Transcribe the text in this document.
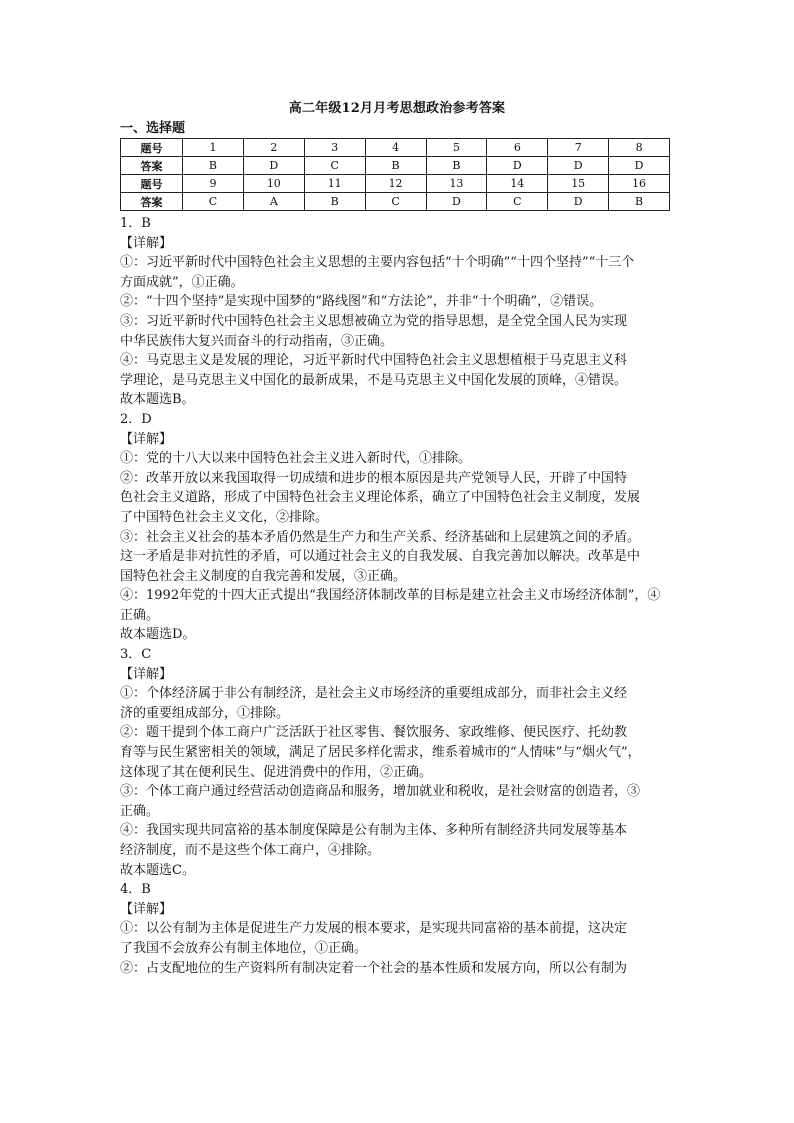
高二年级12月月考思想政治参考答案
一、选择题
题号	1	2	3	4	5	6	7	8
答案	B	D	C	B	B	D	D	D
题号	9	10	11	12	13	14	15	16
答案	C	A	B	C	D	C	D	B

1．B

【详解】

①：习近平新时代中国特色社会主义思想的主要内容包括“十个明确”“十四个坚持”“十三个

方面成就”，①正确。

②：“十四个坚持”是实现中国梦的“路线图”和“方法论”，并非“十个明确”，②错误。

③：习近平新时代中国特色社会主义思想被确立为党的指导思想，是全党全国人民为实现

中华民族伟大复兴而奋斗的行动指南，③正确。

④：马克思主义是发展的理论，习近平新时代中国特色社会主义思想植根于马克思主义科

学理论，是马克思主义中国化的最新成果，不是马克思主义中国化发展的顶峰，④错误。

故本题选B。

2．D

【详解】

①：党的十八大以来中国特色社会主义进入新时代，①排除。

②：改革开放以来我国取得一切成绩和进步的根本原因是共产党领导人民，开辟了中国特

色社会主义道路，形成了中国特色社会主义理论体系，确立了中国特色社会主义制度，发展

了中国特色社会主义文化，②排除。

③：社会主义社会的基本矛盾仍然是生产力和生产关系、经济基础和上层建筑之间的矛盾。

这一矛盾是非对抗性的矛盾，可以通过社会主义的自我发展、自我完善加以解决。改革是中

国特色社会主义制度的自我完善和发展，③正确。

④：1992年党的十四大正式提出“我国经济体制改革的目标是建立社会主义市场经济体制”，④

正确。

故本题选D。

3．C

【详解】

①：个体经济属于非公有制经济，是社会主义市场经济的重要组成部分，而非社会主义经

济的重要组成部分，①排除。

②：题干提到个体工商户广泛活跃于社区零售、餐饮服务、家政维修、便民医疗、托幼教

育等与民生紧密相关的领域，满足了居民多样化需求，维系着城市的“人情味”与“烟火气”，

这体现了其在便利民生、促进消费中的作用，②正确。

③：个体工商户通过经营活动创造商品和服务，增加就业和税收，是社会财富的创造者，③

正确。

④：我国实现共同富裕的基本制度保障是公有制为主体、多种所有制经济共同发展等基本

经济制度，而不是这些个体工商户，④排除。

故本题选C。

4．B

【详解】

①：以公有制为主体是促进生产力发展的根本要求，是实现共同富裕的基本前提，这决定

了我国不会放弃公有制主体地位，①正确。

②：占支配地位的生产资料所有制决定着一个社会的基本性质和发展方向，所以公有制为
